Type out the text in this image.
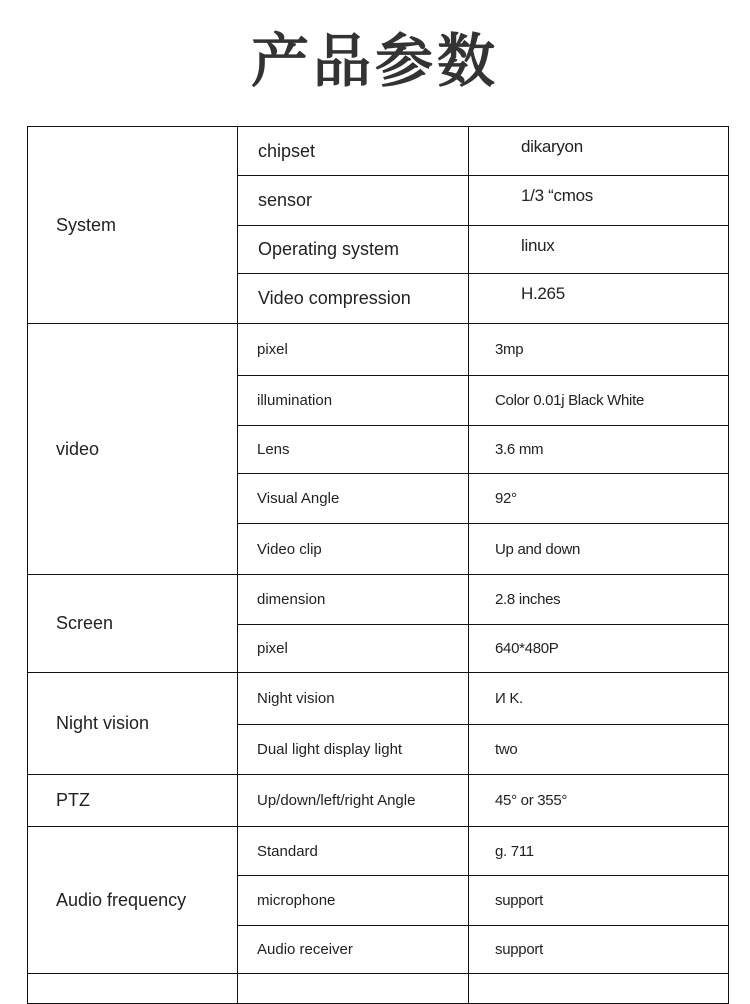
产品参数
System	chipset	dikaryon
	sensor	1/3 “cmos
	Operating system	linux
	Video compression	H.265
video	pixel	3mp
	illumination	Color 0.01j Black White
	Lens	3.6 mm
	Visual Angle	92°
	Video clip	Up and down
Screen	dimension	2.8 inches
	pixel	640*480P
Night vision	Night vision	И K.
	Dual light display light	two
PTZ	Up/down/left/right Angle	45° or 355°
Audio frequency	Standard	g. 711
	microphone	support
	Audio receiver	support
